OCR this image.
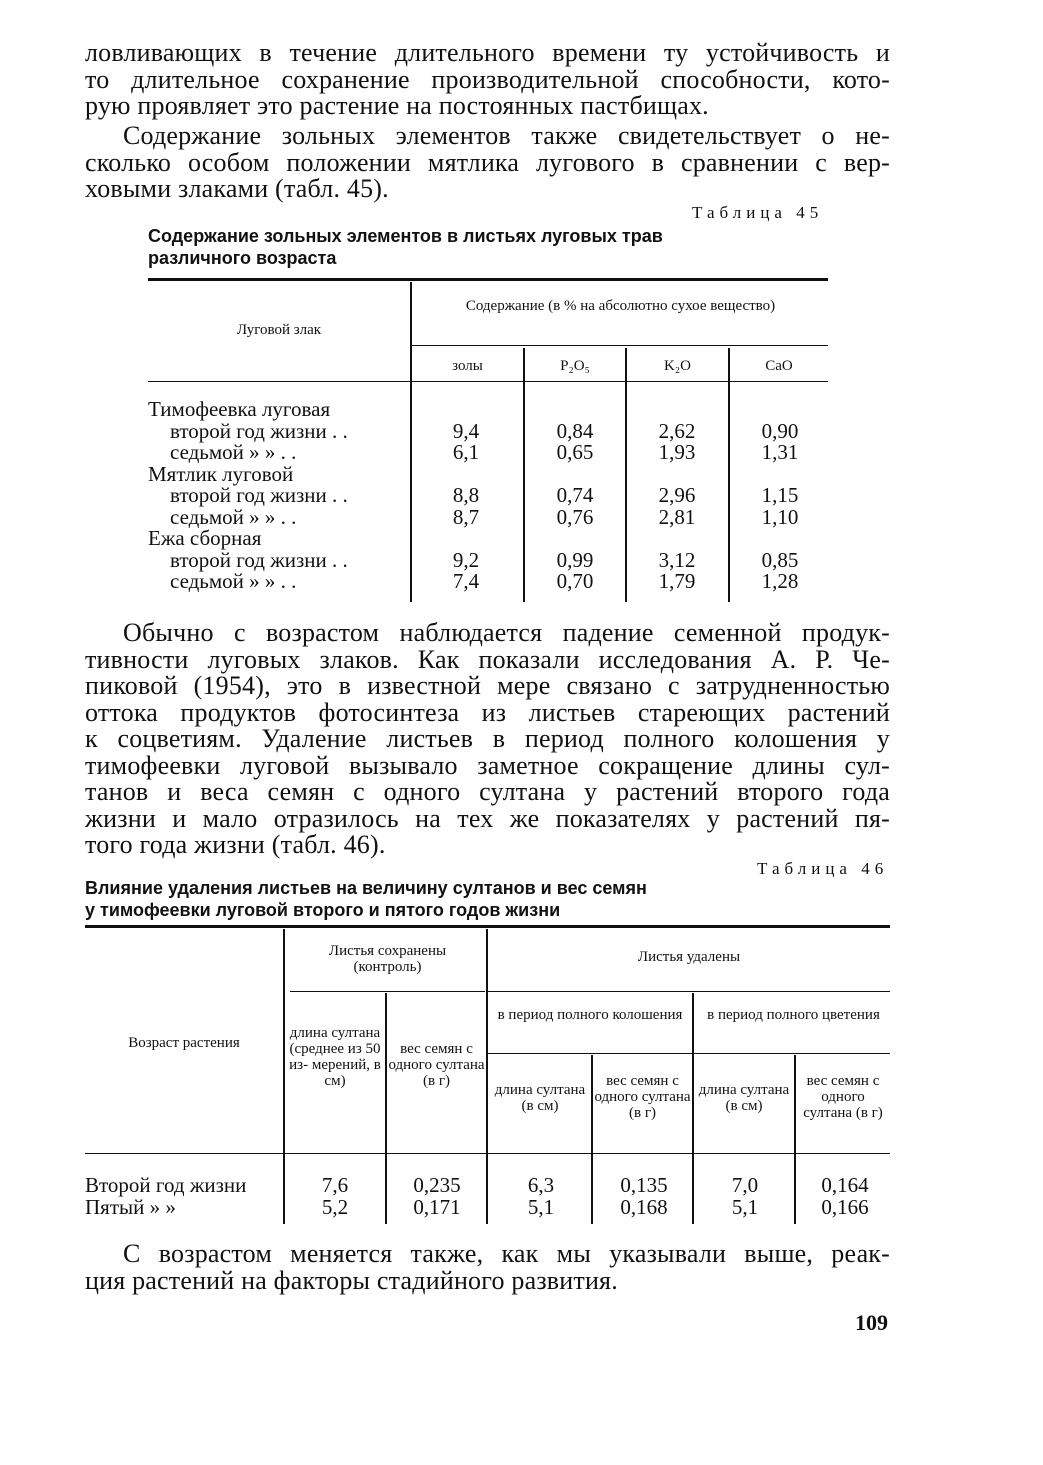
ловливающих в течение длительного времени ту устойчивость и
то длительное сохранение производительной способности, кото-
рую проявляет это растение на постоянных пастбищах.
Содержание зольных элементов также свидетельствует о не-
сколько особом положении мятлика лугового в сравнении с вер-
ховыми злаками (табл. 45).
Таблица 45
Содержание зольных элементов в листьях луговых трав
различного возраста
Луговой злак
Содержание (в % на абсолютно сухое вещество)
золы	P₂O₅	K₂O	CaO
Тимофеевка луговая
второй год жизни . .	9,4	0,84	2,62	0,90
седьмой » » . .	6,1	0,65	1,93	1,31
Мятлик луговой
второй год жизни . .	8,8	0,74	2,96	1,15
седьмой » » . .	8,7	0,76	2,81	1,10
Ежа сборная
второй год жизни . .	9,2	0,99	3,12	0,85
седьмой » » . .	7,4	0,70	1,79	1,28
Обычно с возрастом наблюдается падение семенной продук-
тивности луговых злаков. Как показали исследования А. Р. Че-
пиковой (1954), это в известной мере связано с затрудненностью
оттока продуктов фотосинтеза из листьев стареющих растений
к соцветиям. Удаление листьев в период полного колошения у
тимофеевки луговой вызывало заметное сокращение длины сул-
танов и веса семян с одного султана у растений второго года
жизни и мало отразилось на тех же показателях у растений пя-
того года жизни (табл. 46).
Таблица 46
Влияние удаления листьев на величину султанов и вес семян
у тимофеевки луговой второго и пятого годов жизни
Возраст растения
Листья сохранены (контроль)
Листья удалены
в период полного колошения	в период полного цветения
длина султана (среднее из 50 из- мерений, в см)
вес семян с одного султана (в г)
длина султана (в см)
вес семян с одного султана (в г)
длина султана (в см)
вес семян с одного султана (в г)
Второй год жизни	7,6	0,235	6,3	0,135	7,0	0,164
Пятый » »	5,2	0,171	5,1	0,168	5,1	0,166
С возрастом меняется также, как мы указывали выше, реак-
ция растений на факторы стадийного развития.
109
